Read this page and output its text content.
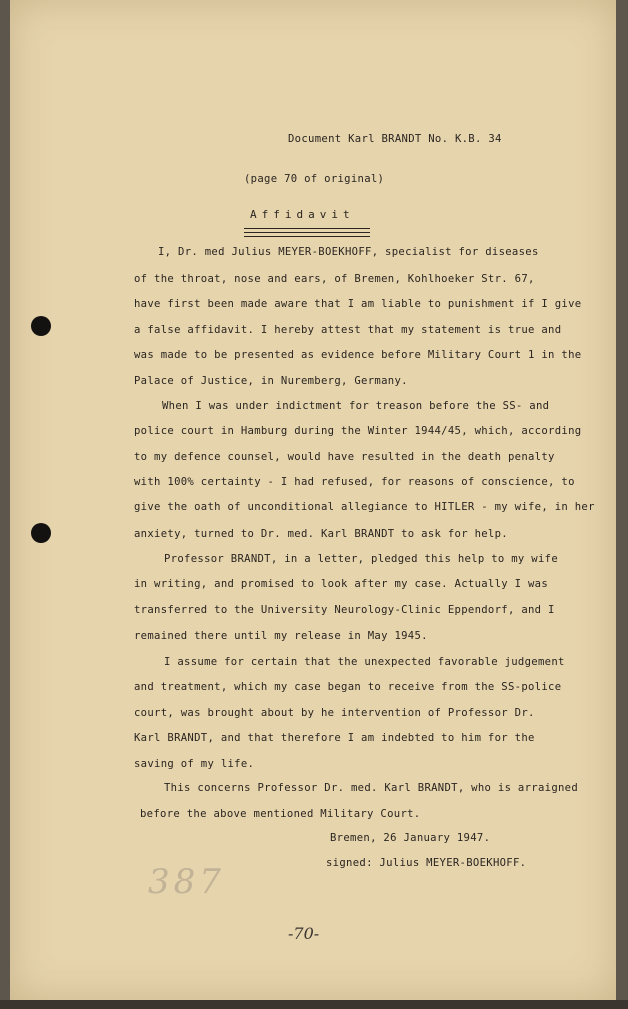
Document Karl BRANDT No. K.B. 34

(page 70 of original)

Affidavit

I, Dr. med Julius MEYER-BOEKHOFF, specialist for diseases

of the throat, nose and ears, of Bremen, Kohlhoeker Str. 67,

have first been made aware that I am liable to punishment if I give

a false affidavit. I hereby attest that my statement is true and

was made to be presented as evidence before Military Court 1 in the

Palace of Justice, in Nuremberg, Germany.

When I was under indictment for treason before the SS- and

police court in Hamburg during the Winter 1944/45, which, according

to my defence counsel, would have resulted in the death penalty

with 100% certainty - I had refused, for reasons of conscience, to

give the oath of unconditional allegiance to HITLER - my wife, in her

anxiety, turned to Dr. med. Karl BRANDT to ask for help.

Professor BRANDT, in a letter, pledged this help to my wife

in writing, and promised to look after my case. Actually I was

transferred to the University Neurology-Clinic Eppendorf, and I

remained there until my release in May 1945.

I assume for certain that the unexpected favorable judgement

and treatment, which my case began to receive from the SS-police

court, was brought about by he intervention of Professor Dr.

Karl BRANDT, and that therefore I am indebted to him for the

saving of my life.

This concerns Professor Dr. med. Karl BRANDT, who is arraigned

before the above mentioned Military Court.

Bremen, 26 January 1947.

signed: Julius MEYER-BOEKHOFF.

387
-70-
